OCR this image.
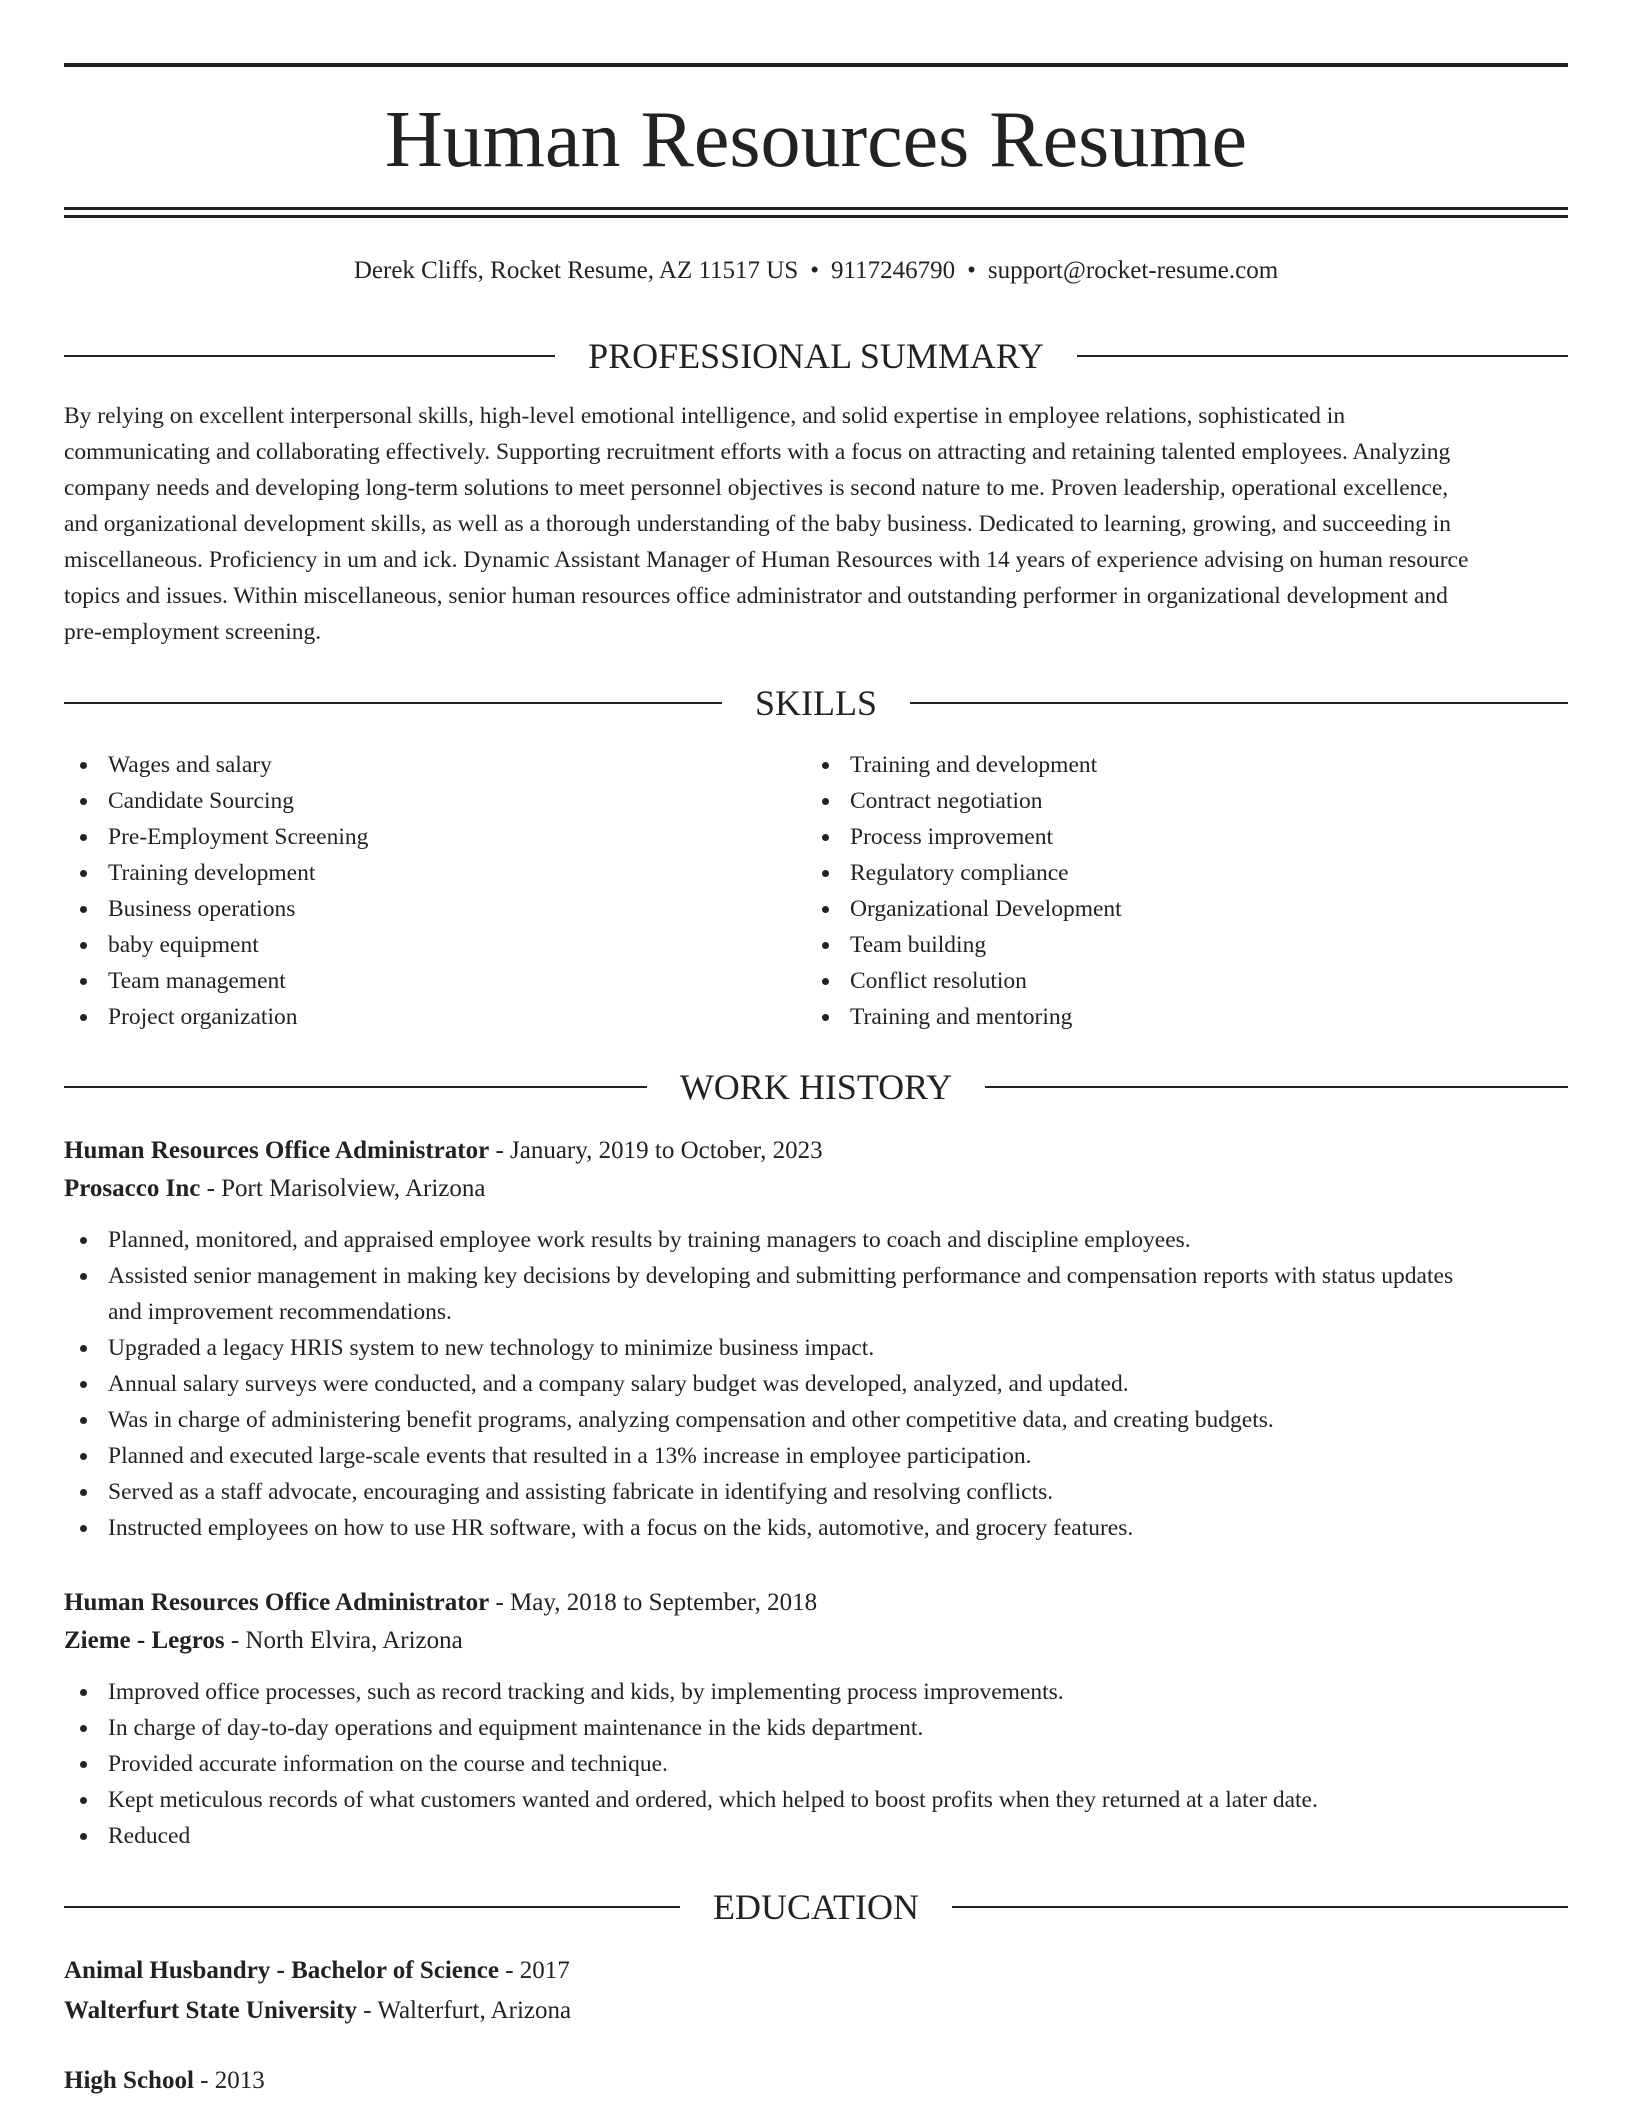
Human Resources Resume
Derek Cliffs, Rocket Resume, AZ 11517 US • 9117246790 • support@rocket-resume.com
PROFESSIONAL SUMMARY
By relying on excellent interpersonal skills, high-level emotional intelligence, and solid expertise in employee relations, sophisticated in
communicating and collaborating effectively. Supporting recruitment efforts with a focus on attracting and retaining talented employees. Analyzing
company needs and developing long-term solutions to meet personnel objectives is second nature to me. Proven leadership, operational excellence,
and organizational development skills, as well as a thorough understanding of the baby business. Dedicated to learning, growing, and succeeding in
miscellaneous. Proficiency in um and ick. Dynamic Assistant Manager of Human Resources with 14 years of experience advising on human resource
topics and issues. Within miscellaneous, senior human resources office administrator and outstanding performer in organizational development and
pre-employment screening.
SKILLS
Wages and salary
Candidate Sourcing
Pre-Employment Screening
Training development
Business operations
baby equipment
Team management
Project organization
Training and development
Contract negotiation
Process improvement
Regulatory compliance
Organizational Development
Team building
Conflict resolution
Training and mentoring
WORK HISTORY
Human Resources Office Administrator - January, 2019 to October, 2023
Prosacco Inc - Port Marisolview, Arizona
Planned, monitored, and appraised employee work results by training managers to coach and discipline employees.
Assisted senior management in making key decisions by developing and submitting performance and compensation reports with status updates
and improvement recommendations.
Upgraded a legacy HRIS system to new technology to minimize business impact.
Annual salary surveys were conducted, and a company salary budget was developed, analyzed, and updated.
Was in charge of administering benefit programs, analyzing compensation and other competitive data, and creating budgets.
Planned and executed large-scale events that resulted in a 13% increase in employee participation.
Served as a staff advocate, encouraging and assisting fabricate in identifying and resolving conflicts.
Instructed employees on how to use HR software, with a focus on the kids, automotive, and grocery features.
Human Resources Office Administrator - May, 2018 to September, 2018
Zieme - Legros - North Elvira, Arizona
Improved office processes, such as record tracking and kids, by implementing process improvements.
In charge of day-to-day operations and equipment maintenance in the kids department.
Provided accurate information on the course and technique.
Kept meticulous records of what customers wanted and ordered, which helped to boost profits when they returned at a later date.
Reduced
EDUCATION
Animal Husbandry - Bachelor of Science - 2017
Walterfurt State University - Walterfurt, Arizona
High School - 2013
